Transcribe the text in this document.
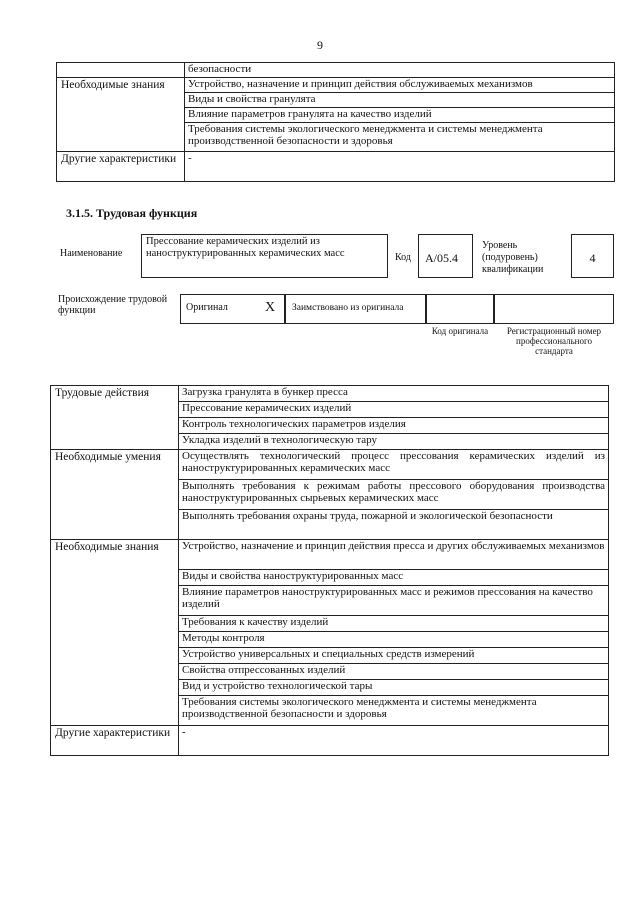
9
	безопасности
Необходимые знания	Устройство, назначение и принцип действия обслуживаемых механизмов
	Виды и свойства гранулята
	Влияние параметров гранулята на качество изделий
	Требования системы экологического менеджмента и системы менеджмента производственной безопасности и здоровья
Другие характеристики	-
3.1.5. Трудовая функция
Наименование
Прессование керамических изделий из наноструктурированных керамических масс	Код	A/05.4
Уровень (подуровень) квалификации
4
Происхождение трудовой функции	Оригинал	X Заимствовано из оригинала
Код оригинала	Регистрационный номер профессионального стандарта
Трудовые действия	Загрузка гранулята в бункер пресса
	Прессование керамических изделий
	Контроль технологических параметров изделия
	Укладка изделий в технологическую тару
Необходимые умения	Осуществлять технологический процесс прессования керамических изделий из наноструктурированных керамических масс
	Выполнять требования к режимам работы прессового оборудования производства наноструктурированных сырьевых керамических масс
	Выполнять требования охраны труда, пожарной и экологической безопасности
Необходимые знания	Устройство, назначение и принцип действия пресса и других обслуживаемых механизмов
	Виды и свойства наноструктурированных масс
	Влияние параметров наноструктурированных масс и режимов прессования на качество изделий
	Требования к качеству изделий
	Методы контроля
	Устройство универсальных и специальных средств измерений
	Свойства отпрессованных изделий
	Вид и устройство технологической тары
	Требования системы экологического менеджмента и системы менеджмента производственной безопасности и здоровья
Другие характеристики	-
